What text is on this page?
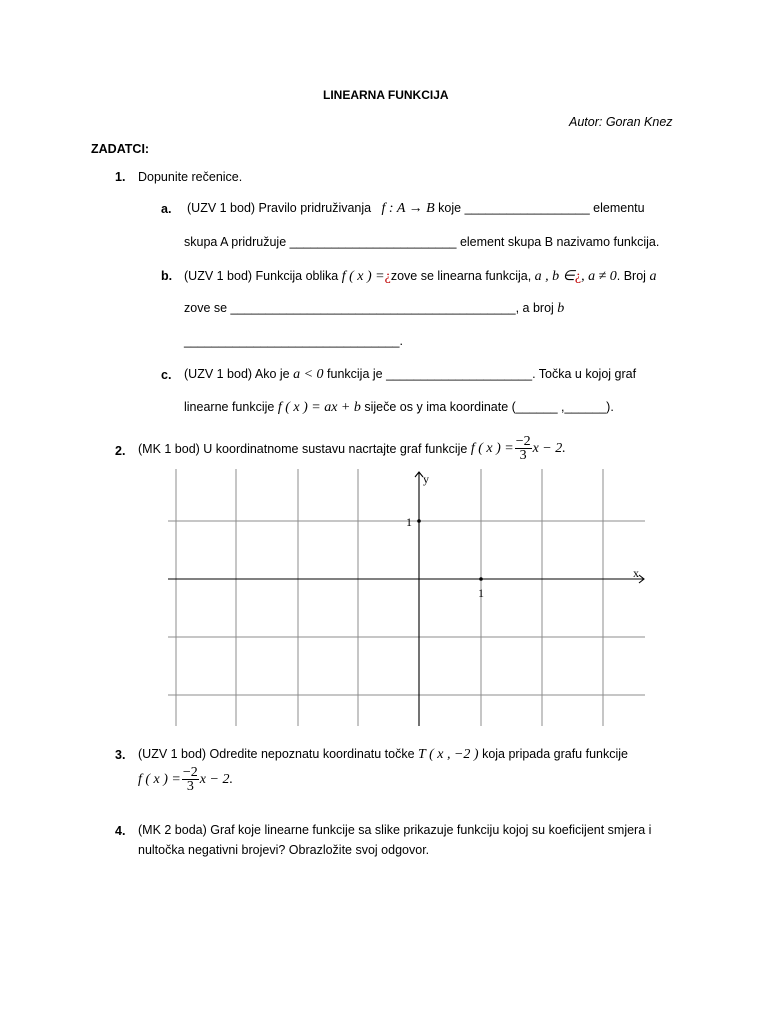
LINEARNA FUNKCIJA
Autor: Goran Knez
ZADATCI:
1. Dopunite rečenice.
a. (UZV 1 bod) Pravilo pridruživanja f : A → B koje __________________ elementu
skupa A pridružuje ________________________ element skupa B nazivamo funkcija.
b. (UZV 1 bod) Funkcija oblika f ( x ) =¿zove se linearna funkcija, a , b ∈¿, a ≠ 0. Broj a
zove se _________________________________________, a broj b
_______________________________.
c. (UZV 1 bod) Ako je a < 0 funkcija je _____________________. Točka u kojoj graf
linearne funkcije f ( x ) = ax + b siječe os y ima koordinate (______ ,______).
2. (MK 1 bod) U koordinatnome sustavu nacrtajte graf funkcije
f ( x ) = $\frac{-2}{3}$ x − 2.
y
x
1
1
3. (UZV 1 bod) Odredite nepoznatu koordinatu točke T ( x , −2 ) koja pripada grafu funkcije
f ( x ) = $\frac{-2}{3}$ x − 2.
4. (MK 2 boda) Graf koje linearne funkcije sa slike prikazuje funkciju kojoj su koeficijent smjera i
nultočka negativni brojevi? Obrazložite svoj odgovor.
